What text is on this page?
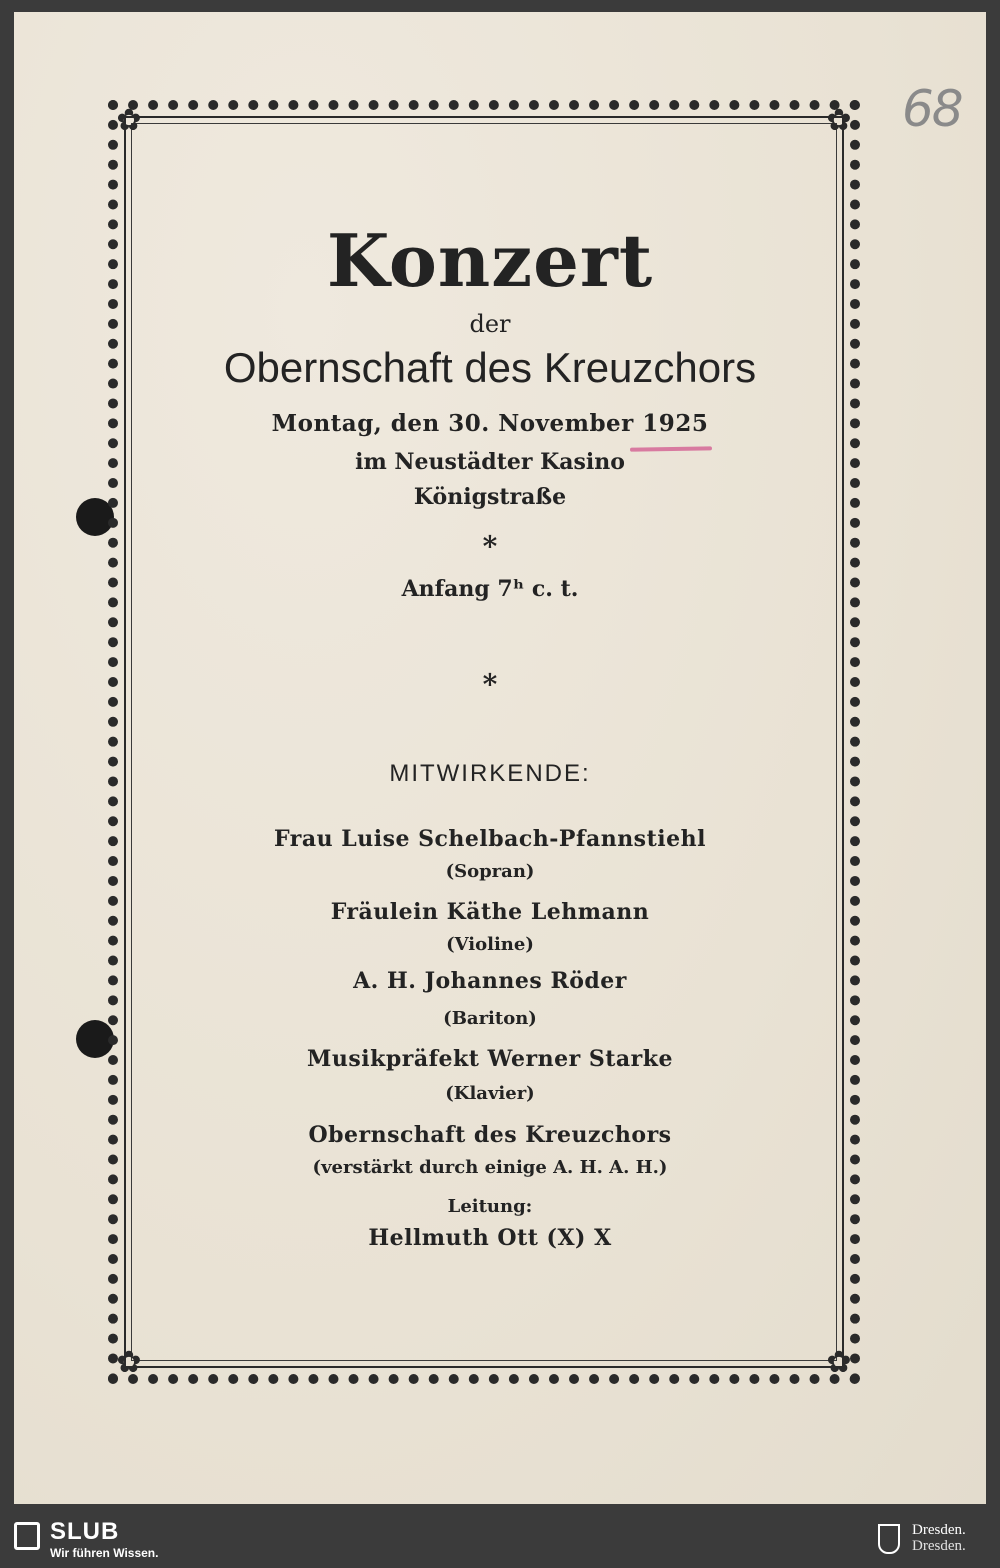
68
✿	✿
✿	✿
Konzert
der
Obernschaft des Kreuzchors
Montag, den 30. November 1925
im Neustädter Kasino
Königstraße
*
Anfang 7ʰ c. t.
*
MITWIRKENDE:
Frau Luise Schelbach-Pfannstiehl
(Sopran)
Fräulein Käthe Lehmann
(Violine)
A. H. Johannes Röder
(Bariton)
Musikpräfekt Werner Starke
(Klavier)
Obernschaft des Kreuzchors
(verstärkt durch einige A. H. A. H.)
Leitung:
Hellmuth Ott (X) X
SLUB
Wir führen Wissen.
Dresden.
Dresden.
